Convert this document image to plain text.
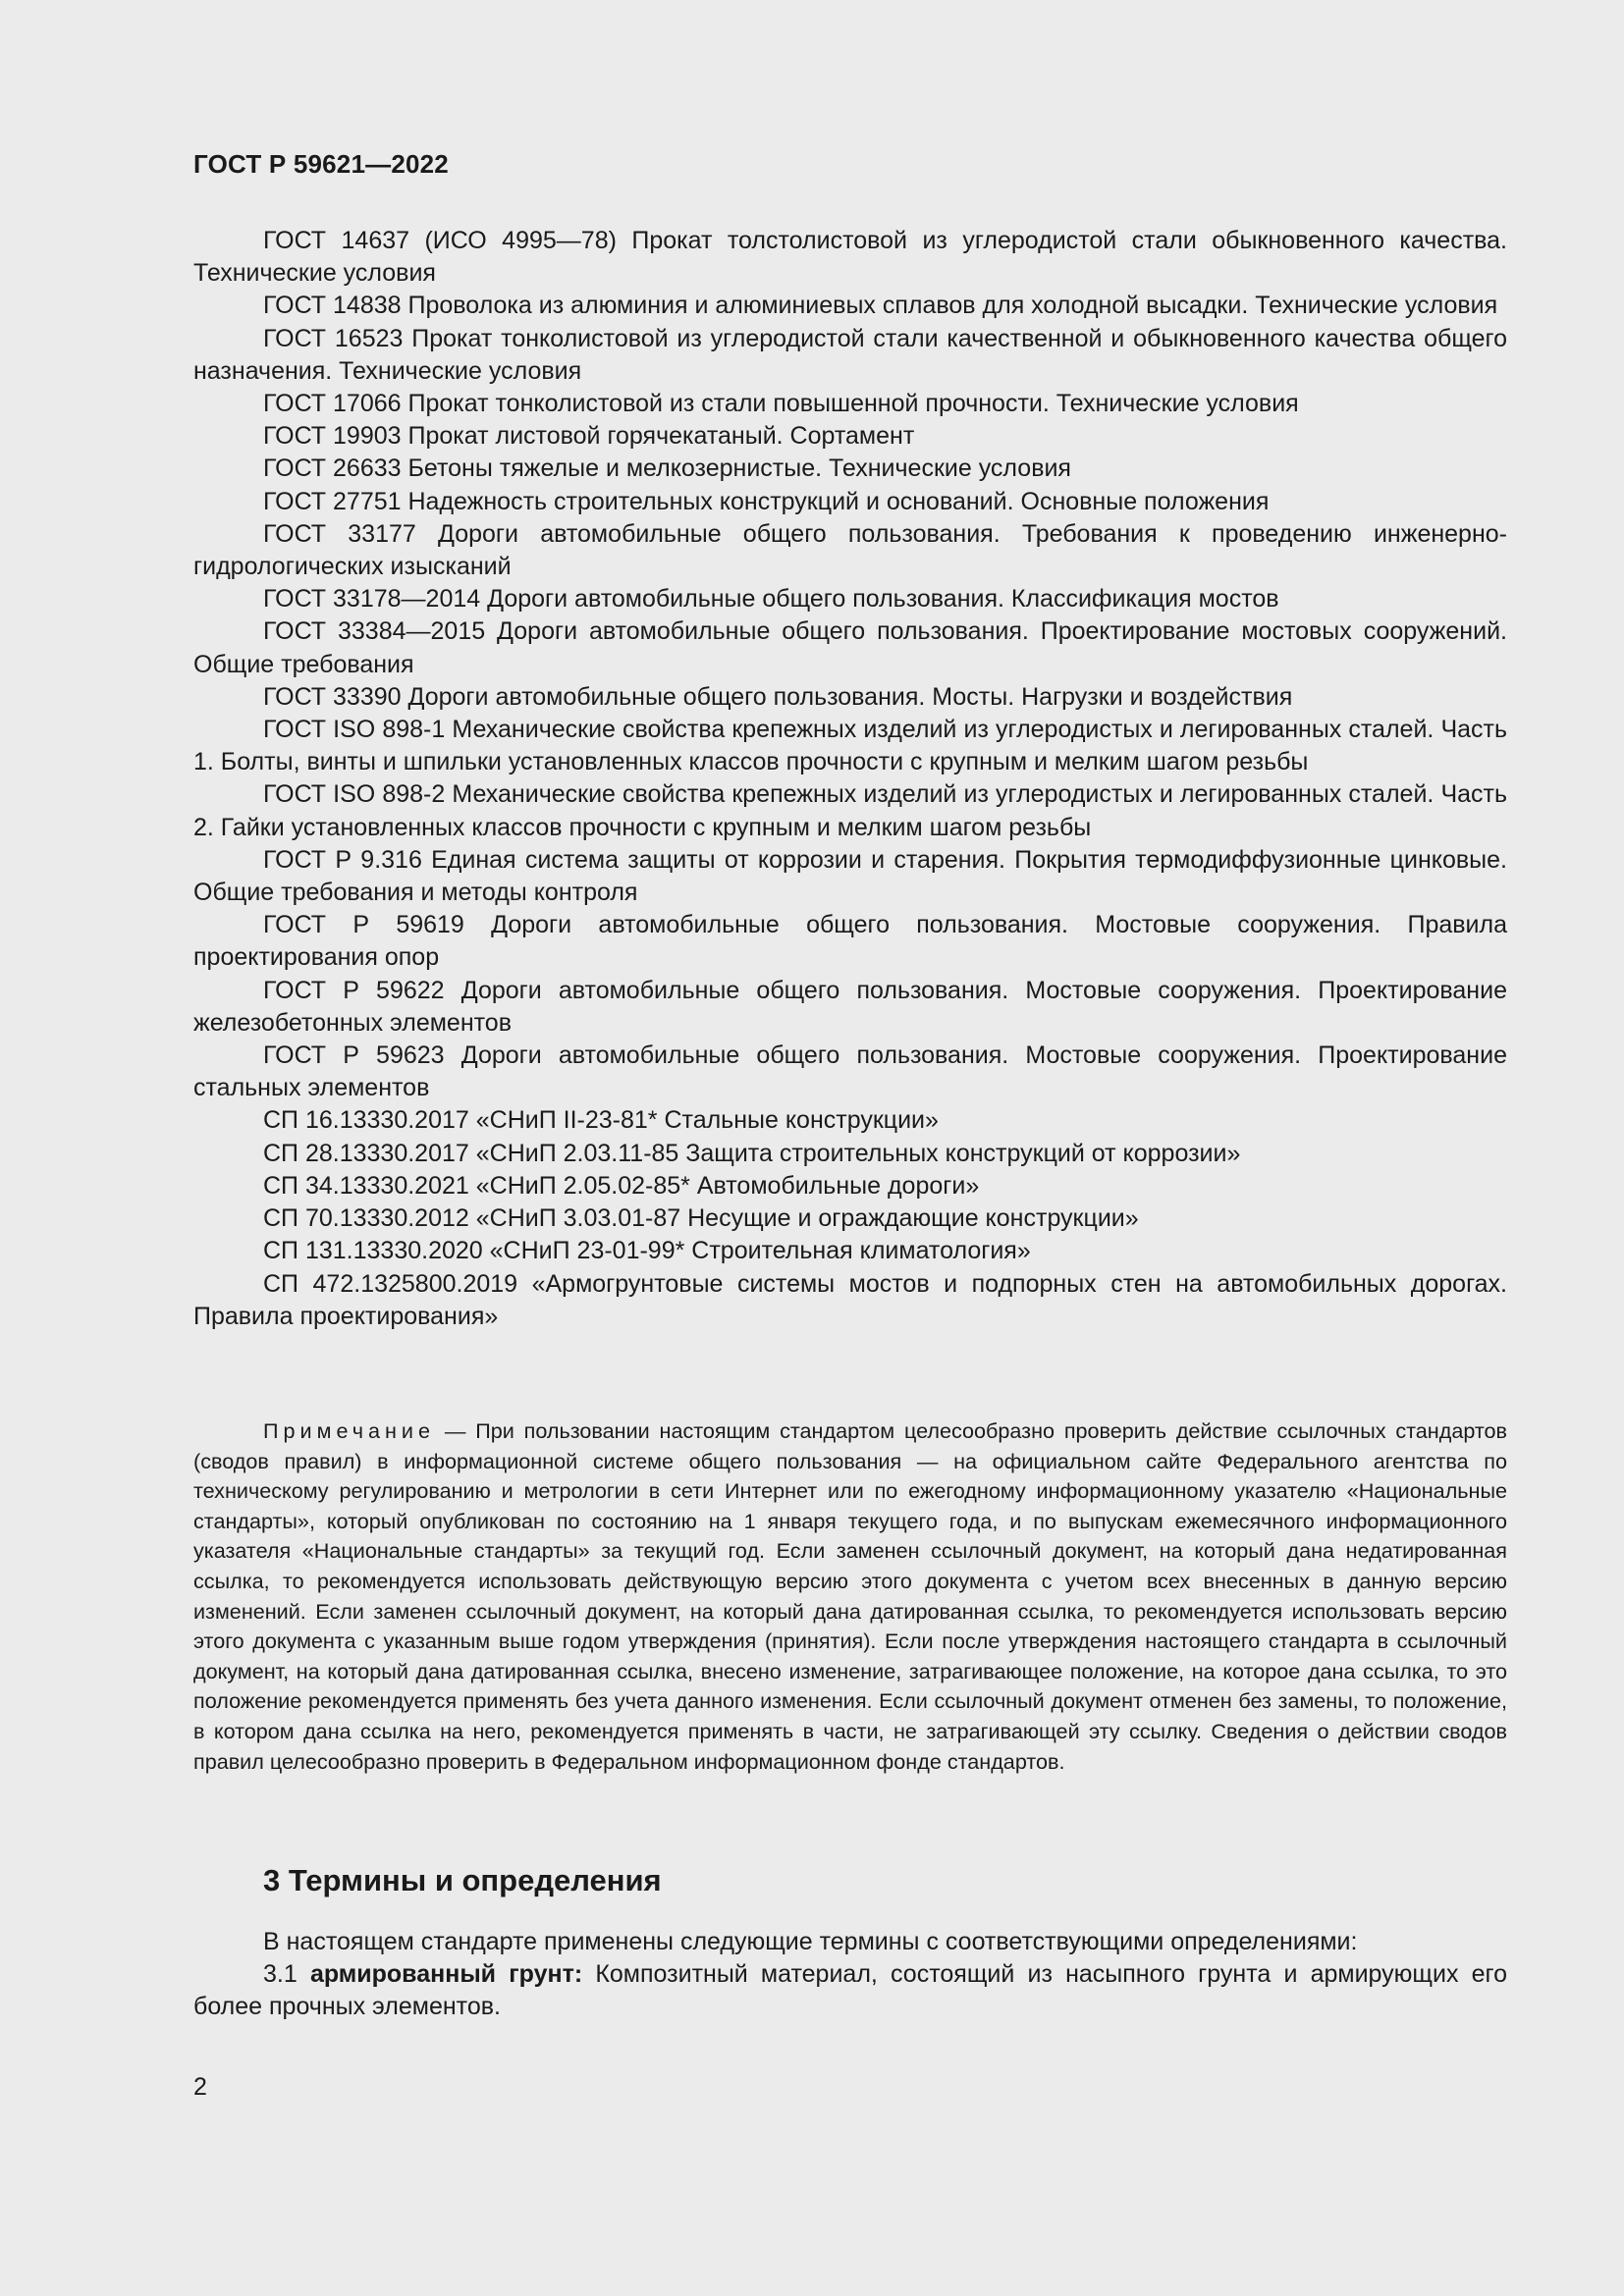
ГОСТ Р 59621—2022

ГОСТ 14637 (ИСО 4995—78) Прокат толстолистовой из углеродистой стали обыкновенного качества. Технические условия

ГОСТ 14838 Проволока из алюминия и алюминиевых сплавов для холодной высадки. Технические условия

ГОСТ 16523 Прокат тонколистовой из углеродистой стали качественной и обыкновенного качества общего назначения. Технические условия

ГОСТ 17066 Прокат тонколистовой из стали повышенной прочности. Технические условия

ГОСТ 19903 Прокат листовой горячекатаный. Сортамент

ГОСТ 26633 Бетоны тяжелые и мелкозернистые. Технические условия

ГОСТ 27751 Надежность строительных конструкций и оснований. Основные положения

ГОСТ 33177 Дороги автомобильные общего пользования. Требования к проведению инженерно-гидрологических изысканий

ГОСТ 33178—2014 Дороги автомобильные общего пользования. Классификация мостов

ГОСТ 33384—2015 Дороги автомобильные общего пользования. Проектирование мостовых сооружений. Общие требования

ГОСТ 33390 Дороги автомобильные общего пользования. Мосты. Нагрузки и воздействия

ГОСТ ISO 898-1 Механические свойства крепежных изделий из углеродистых и легированных сталей. Часть 1. Болты, винты и шпильки установленных классов прочности с крупным и мелким шагом резьбы

ГОСТ ISO 898-2 Механические свойства крепежных изделий из углеродистых и легированных сталей. Часть 2. Гайки установленных классов прочности с крупным и мелким шагом резьбы

ГОСТ Р 9.316 Единая система защиты от коррозии и старения. Покрытия термодиффузионные цинковые. Общие требования и методы контроля

ГОСТ Р 59619 Дороги автомобильные общего пользования. Мостовые сооружения. Правила проектирования опор

ГОСТ Р 59622 Дороги автомобильные общего пользования. Мостовые сооружения. Проектирование железобетонных элементов

ГОСТ Р 59623 Дороги автомобильные общего пользования. Мостовые сооружения. Проектирование стальных элементов

СП 16.13330.2017 «СНиП II-23-81* Стальные конструкции»

СП 28.13330.2017 «СНиП 2.03.11-85 Защита строительных конструкций от коррозии»

СП 34.13330.2021 «СНиП 2.05.02-85* Автомобильные дороги»

СП 70.13330.2012 «СНиП 3.03.01-87 Несущие и ограждающие конструкции»

СП 131.13330.2020 «СНиП 23-01-99* Строительная климатология»

СП 472.1325800.2019 «Армогрунтовые системы мостов и подпорных стен на автомобильных дорогах. Правила проектирования»

Примечание — При пользовании настоящим стандартом целесообразно проверить действие ссылочных стандартов (сводов правил) в информационной системе общего пользования — на официальном сайте Федерального агентства по техническому регулированию и метрологии в сети Интернет или по ежегодному информационному указателю «Национальные стандарты», который опубликован по состоянию на 1 января текущего года, и по выпускам ежемесячного информационного указателя «Национальные стандарты» за текущий год. Если заменен ссылочный документ, на который дана недатированная ссылка, то рекомендуется использовать действующую версию этого документа с учетом всех внесенных в данную версию изменений. Если заменен ссылочный документ, на который дана датированная ссылка, то рекомендуется использовать версию этого документа с указанным выше годом утверждения (принятия). Если после утверждения настоящего стандарта в ссылочный документ, на который дана датированная ссылка, внесено изменение, затрагивающее положение, на которое дана ссылка, то это положение рекомендуется применять без учета данного изменения. Если ссылочный документ отменен без замены, то положение, в котором дана ссылка на него, рекомендуется применять в части, не затрагивающей эту ссылку. Сведения о действии сводов правил целесообразно проверить в Федеральном информационном фонде стандартов.

3 Термины и определения

В настоящем стандарте применены следующие термины с соответствующими определениями:

3.1 армированный грунт: Композитный материал, состоящий из насыпного грунта и армирующих его более прочных элементов.

2
